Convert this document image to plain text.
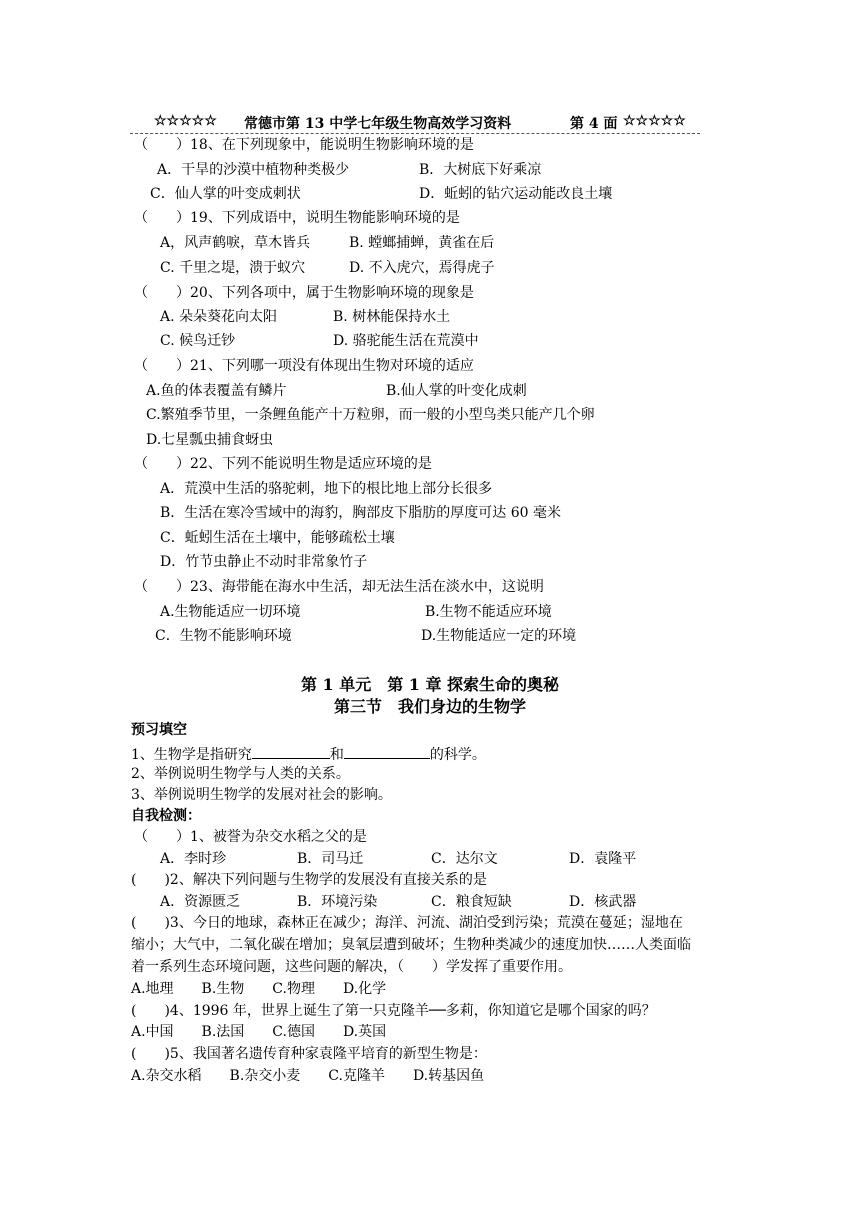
☆☆☆☆☆ 常德市第 13 中学七年级生物高效学习资料	第 4 面 ☆☆☆☆☆
（　　）18、在下列现象中，能说明生物影响环境的是
A．干旱的沙漠中植物种类极少	B．大树底下好乘凉
C．仙人掌的叶变成刺状	D．蚯蚓的钻穴运动能改良土壤
（　　）19、下列成语中，说明生物能影响环境的是
A，风声鹤唳，草木皆兵	B. 螳螂捕蝉，黄雀在后
C. 千里之堤，溃于蚁穴	D. 不入虎穴，焉得虎子
（　　）20、下列各项中，属于生物影响环境的现象是
A. 朵朵葵花向太阳	B. 树林能保持水土
C. 候鸟迁钞	D. 骆驼能生活在荒漠中
（　　）21、下列哪一项没有体现出生物对环境的适应
A.鱼的体表覆盖有鳞片	B.仙人掌的叶变化成刺
C.繁殖季节里，一条鲤鱼能产十万粒卵，而一般的小型鸟类只能产几个卵
D.七星瓢虫捕食蚜虫
（　　）22、下列不能说明生物是适应环境的是
A．荒漠中生活的骆驼刺，地下的根比地上部分长很多
B．生活在寒冷雪域中的海豹，胸部皮下脂肪的厚度可达 60 毫米
C．蚯蚓生活在土壤中，能够疏松土壤
D．竹节虫静止不动时非常象竹子
（　　）23、海带能在海水中生活，却无法生活在淡水中，这说明
A.生物能适应一切环境	B.生物不能适应环境
C．生物不能影响环境	D.生物能适应一定的环境
第 1 单元　第 1 章 探索生命的奥秘
第三节　我们身边的生物学
预习填空
1、生物学是指研究	和	的科学。
2、举例说明生物学与人类的关系。
3、举例说明生物学的发展对社会的影响。
自我检测：
（　　）1、被誉为杂交水稻之父的是
A．李时珍	B．司马迁	C．达尔文	D．袁隆平
(　　)2、解决下列问题与生物学的发展没有直接关系的是
A．资源匮乏	B．环境污染	C．粮食短缺	D．核武器
(　　)3、今日的地球，森林正在减少；海洋、河流、湖泊受到污染；荒漠在蔓延；湿地在
缩小；大气中，二氧化碳在增加；臭氧层遭到破坏；生物种类减少的速度加快……人类面临
着一系列生态环境问题，这些问题的解决，（　　）学发挥了重要作用。
A.地理　　B.生物　　C.物理　　D.化学
(　　)4、1996 年，世界上诞生了第一只克隆羊──多莉，你知道它是哪个国家的吗？
A.中国　　B.法国　　C.德国　　D.英国
(　　)5、我国著名遗传育种家袁隆平培育的新型生物是：
A.杂交水稻　　B.杂交小麦　　C.克隆羊　　D.转基因鱼
